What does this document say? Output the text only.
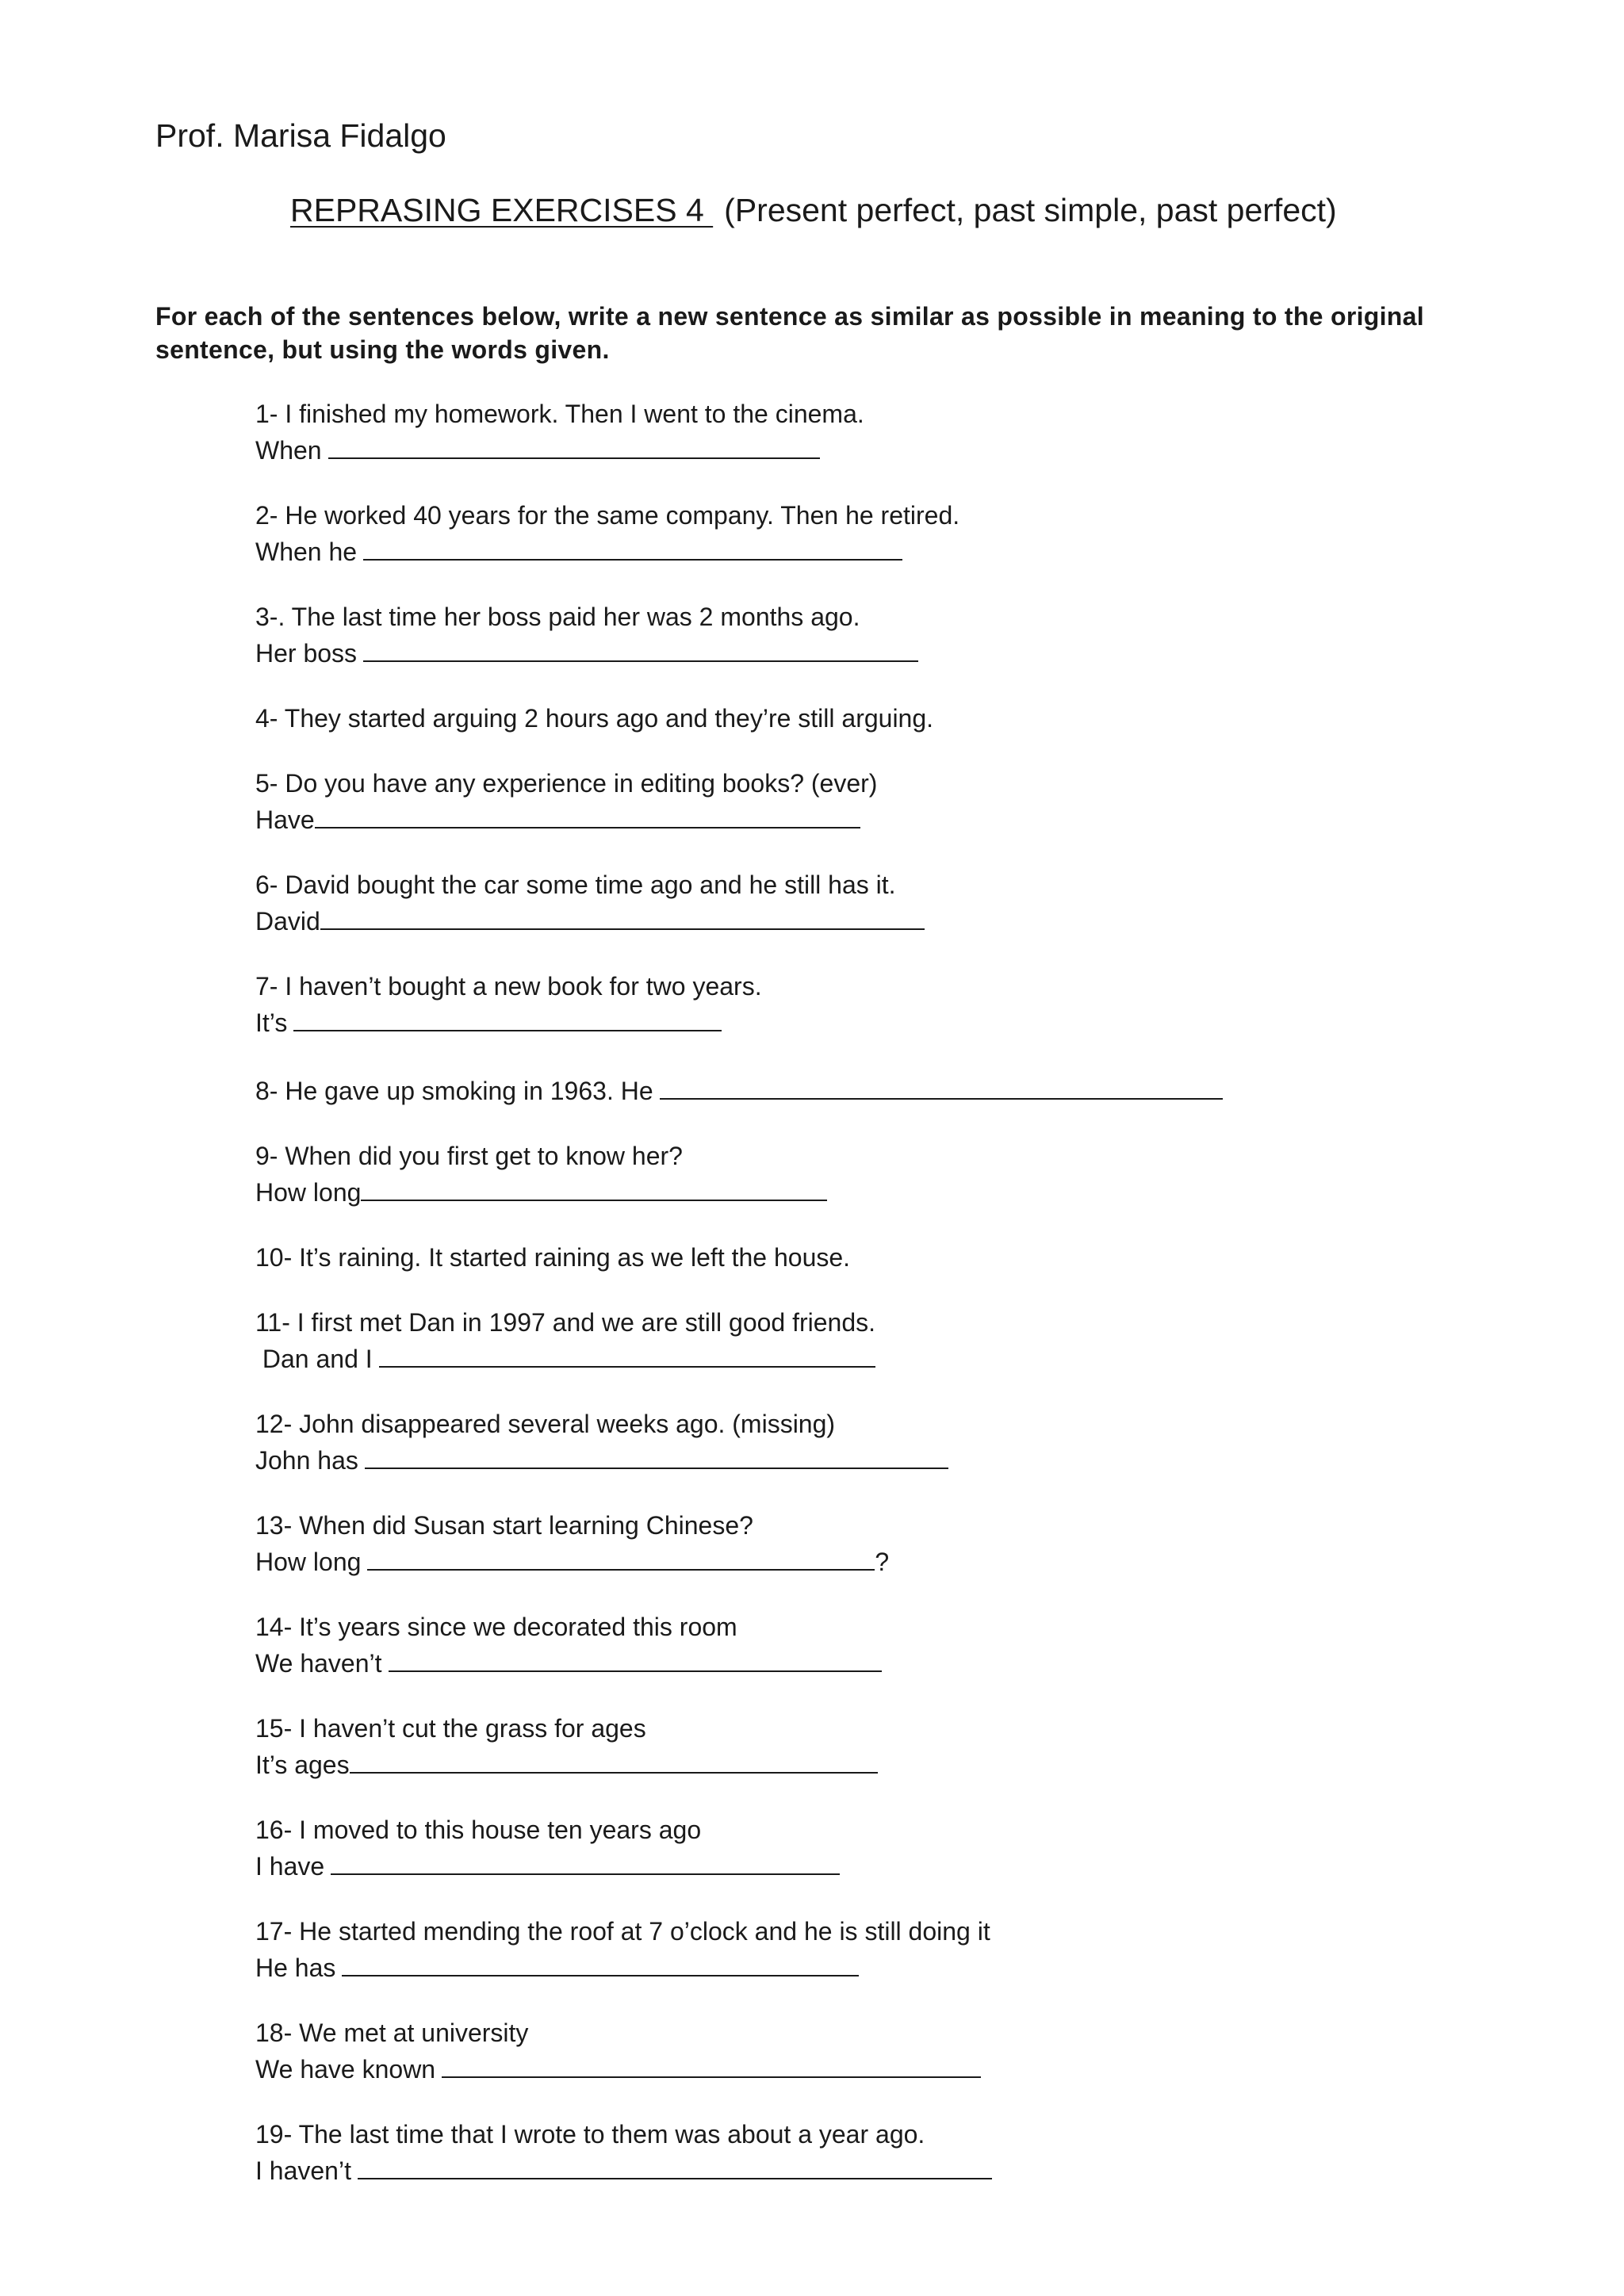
Prof. Marisa Fidalgo
REPRASING EXERCISES 4 (Present perfect, past simple, past perfect)
For each of the sentences below, write a new sentence as similar as possible in meaning to the original sentence, but using the words given.
1- I finished my homework. Then I went to the cinema.
When
2- He worked 40 years for the same company. Then he retired.
When he
3-. The last time her boss paid her was 2 months ago.
Her boss
4- They started arguing 2 hours ago and they’re still arguing.
5- Do you have any experience in editing books? (ever)
Have
6- David bought the car some time ago and he still has it.
David
7- I haven’t bought a new book for two years.
It’s
8- He gave up smoking in 1963. He
9- When did you first get to know her?
How long
10- It’s raining. It started raining as we left the house.
11- I first met Dan in 1997 and we are still good friends.
Dan and I
12- John disappeared several weeks ago. (missing)
John has
13- When did Susan start learning Chinese?
How long	?
14- It’s years since we decorated this room
We haven’t
15- I haven’t cut the grass for ages
It’s ages
16- I moved to this house ten years ago
I have
17- He started mending the roof at 7 o’clock and he is still doing it
He has
18- We met at university
We have known
19- The last time that I wrote to them was about a year ago.
I haven’t
